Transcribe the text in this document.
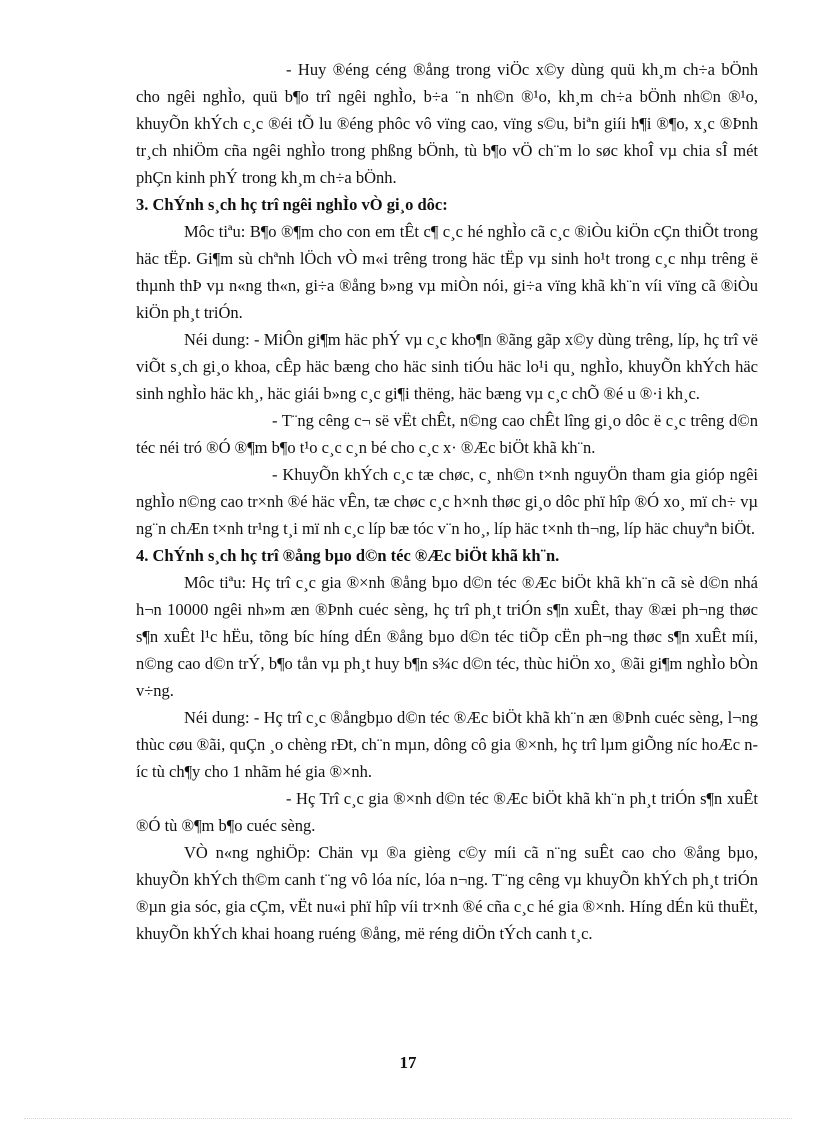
- Huy ®éng céng ®ång trong viÖc x©y dùng quü kh¸m ch÷a bÖnh cho ngêi nghÌo, quü b¶o trî ngêi nghÌo, b÷a ¨n nh©n ®¹o, kh¸m ch÷a bÖnh nh©n ®¹o, khuyÕn khÝch c¸c ®éi tÕ lu ®éng phôc vô vïng cao, vïng s©u, biªn giíi h¶i ®¶o, x¸c ®Þnh tr¸ch nhiÖm cña ngêi nghÌo trong phßng bÖnh, tù b¶o vÖ ch¨m lo søc khoÎ vµ chia sÎ mét phÇn kinh phÝ trong kh¸m ch÷a bÖnh.

3. ChÝnh s¸ch hç trî ngêi nghÌo vÒ gi¸o dôc:

Môc tiªu: B¶o ®¶m cho con em tÊt c¶ c¸c hé nghÌo cã c¸c ®iÒu kiÖn cÇn thiÕt trong häc tËp. Gi¶m sù chªnh lÖch vÒ m«i trêng trong häc tËp vµ sinh ho¹t trong c¸c nhµ trêng ë thµnh thÞ vµ n«ng th«n, gi÷a ®ång b»ng vµ miÒn nói, gi÷a vïng khã kh¨n víi vïng cã ®iÒu kiÖn ph¸t triÓn.

Néi dung: - MiÔn gi¶m häc phÝ vµ c¸c kho¶n ®ãng gãp x©y dùng trêng, líp, hç trî vë viÕt s¸ch gi¸o khoa, cÊp häc bæng cho häc sinh tiÓu häc lo¹i qu¸ nghÌo, khuyÕn khÝch häc sinh nghÌo häc kh¸, häc giái b»ng c¸c gi¶i thëng, häc bæng vµ c¸c chÕ ®é u ®·i kh¸c.

- T¨ng cêng c¬ së vËt chÊt, n©ng cao chÊt lîng gi¸o dôc ë c¸c trêng d©n téc néi tró ®Ó ®¶m b¶o t¹o c¸c c¸n bé cho c¸c x· ®Æc biÖt khã kh¨n.

- KhuyÕn khÝch c¸c tæ chøc, c¸ nh©n t×nh nguyÖn tham gia gióp ngêi nghÌo n©ng cao tr×nh ®é häc vÊn, tæ chøc c¸c h×nh thøc gi¸o dôc phï hîp ®Ó xo¸ mï ch÷ vµ ng¨n chÆn t×nh tr¹ng t¸i mï nh c¸c líp bæ tóc v¨n ho¸, líp häc t×nh th¬ng, líp häc chuyªn biÖt.

4. ChÝnh s¸ch hç trî ®ång bµo d©n téc ®Æc biÖt khã kh¨n.

Môc tiªu: Hç trî c¸c gia ®×nh ®ång bµo d©n téc ®Æc biÖt khã kh¨n cã sè d©n nhá h¬n 10000 ngêi nh»m æn ®Þnh cuéc sèng, hç trî ph¸t triÓn s¶n xuÊt, thay ®æi ph¬ng thøc s¶n xuÊt l¹c hËu, tõng bíc híng dÉn ®ång bµo d©n téc tiÕp cËn ph¬ng thøc s¶n xuÊt míi, n©ng cao d©n trÝ, b¶o tån vµ ph¸t huy b¶n s¾c d©n téc, thùc hiÖn xo¸ ®ãi gi¶m nghÌo bÒn v÷ng.

Néi dung: - Hç trî c¸c ®ångbµo d©n téc ®Æc biÖt khã kh¨n æn ®Þnh cuéc sèng, l¬ng thùc cøu ®ãi, quÇn ¸o chèng rÐt, ch¨n mµn, dông cô gia ®×nh, hç trî lµm giÕng níc hoÆc níc tù ch¶y cho 1 nhãm hé gia ®×nh.

- Hç Trî c¸c gia ®×nh d©n téc ®Æc biÖt khã kh¨n ph¸t triÓn s¶n xuÊt ®Ó tù ®¶m b¶o cuéc sèng.

VÒ n«ng nghiÖp: Chän vµ ®a gièng c©y míi cã n¨ng suÊt cao cho ®ång bµo, khuyÕn khÝch th©m canh t¨ng vô lóa níc, lóa n¬ng. T¨ng cêng vµ khuyÕn khÝch ph¸t triÓn ®µn gia sóc, gia cÇm, vËt nu«i phï hîp víi tr×nh ®é cña c¸c hé gia ®×nh. Híng dÉn kü thuËt, khuyÕn khÝch khai hoang ruéng ®ång, më réng diÖn tÝch canh t¸c.

17
